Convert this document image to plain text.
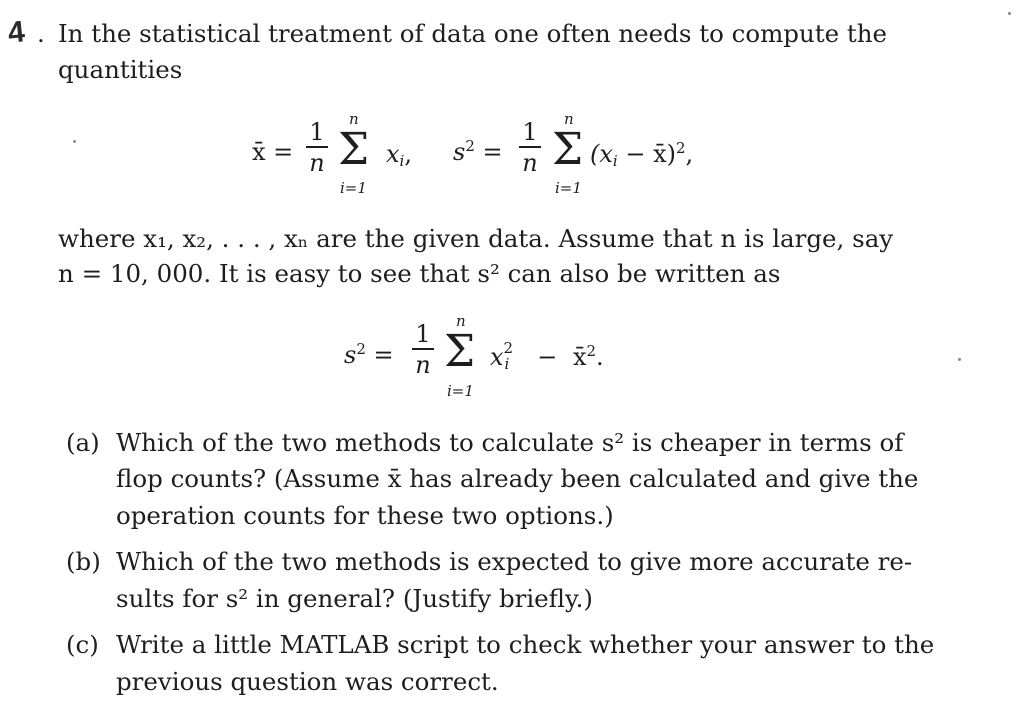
4 . In the statistical treatment of data one often needs to compute the
quantities
x̄ =
1
n
n
Σ
i=1
$x_i$, $s^2$ =
1
n
n
Σ
i=1
($x_i$ − x̄)$^2$,
where x₁, x₂, . . . , xₙ are the given data. Assume that n is large, say
n = 10, 000. It is easy to see that s² can also be written as
$s^2$ =
1
n
n
Σ
i=1
x 2
i − x̄$^2$.
(a) Which of the two methods to calculate s² is cheaper in terms of
flop counts? (Assume x̄ has already been calculated and give the
operation counts for these two options.)
(b) Which of the two methods is expected to give more accurate re-
sults for s² in general? (Justify briefly.)
(c) Write a little MATLAB script to check whether your answer to the
previous question was correct.
